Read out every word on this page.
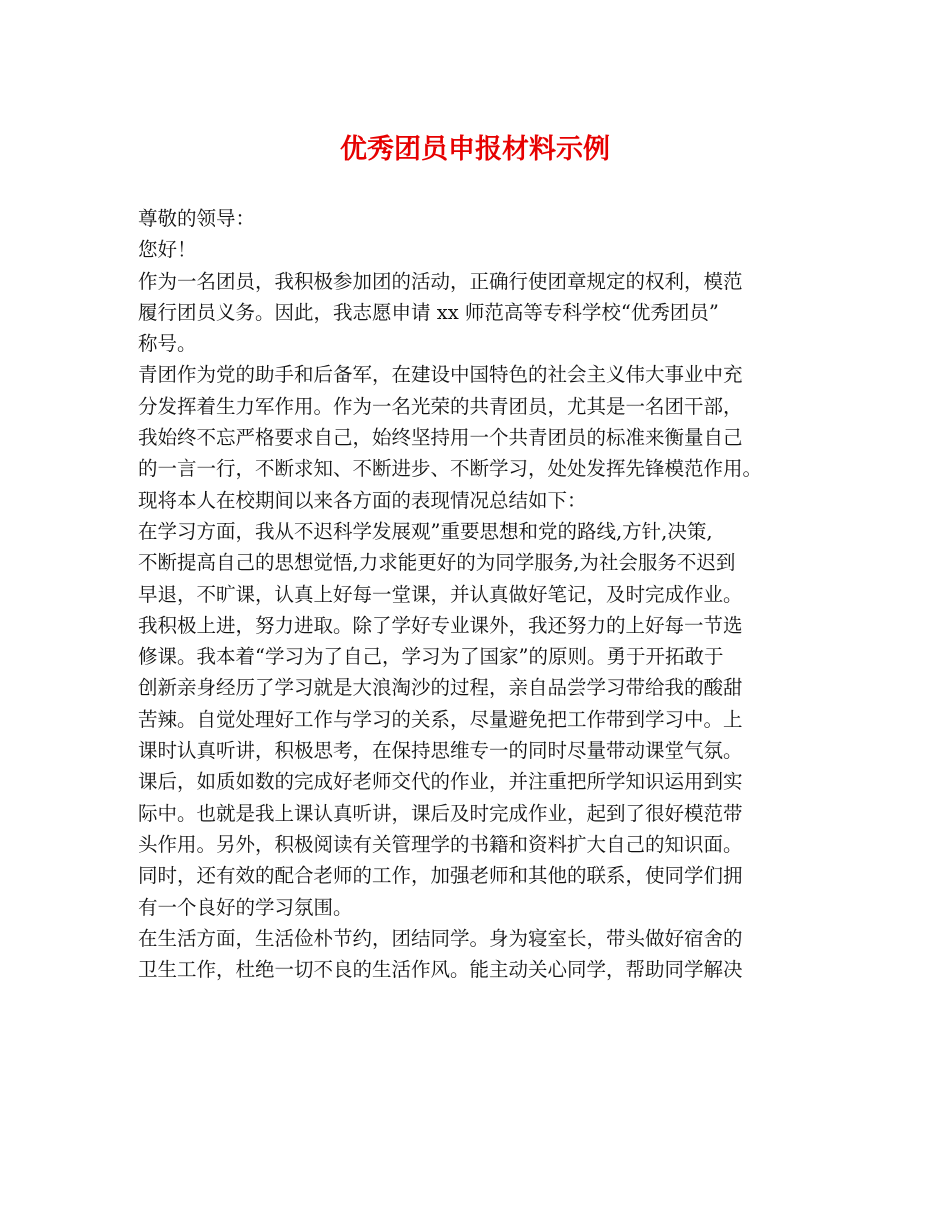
优秀团员申报材料示例
尊敬的领导：
您好！
作为一名团员，我积极参加团的活动，正确行使团章规定的权利，模范
履行团员义务。因此，我志愿申请 xx 师范高等专科学校“优秀团员”
称号。
青团作为党的助手和后备军，在建设中国特色的社会主义伟大事业中充
分发挥着生力军作用。作为一名光荣的共青团员，尤其是一名团干部，
我始终不忘严格要求自己，始终坚持用一个共青团员的标准来衡量自己
的一言一行，不断求知、不断进步、不断学习，处处发挥先锋模范作用。
现将本人在校期间以来各方面的表现情况总结如下：
在学习方面，我从不迟科学发展观”重要思想和党的路线,方针,决策,
不断提高自己的思想觉悟,力求能更好的为同学服务,为社会服务不迟到
早退，不旷课，认真上好每一堂课，并认真做好笔记，及时完成作业。
我积极上进，努力进取。除了学好专业课外，我还努力的上好每一节选
修课。我本着“学习为了自己，学习为了国家”的原则。勇于开拓敢于
创新亲身经历了学习就是大浪淘沙的过程，亲自品尝学习带给我的酸甜
苦辣。自觉处理好工作与学习的关系，尽量避免把工作带到学习中。上
课时认真听讲，积极思考，在保持思维专一的同时尽量带动课堂气氛。
课后，如质如数的完成好老师交代的作业，并注重把所学知识运用到实
际中。也就是我上课认真听讲，课后及时完成作业，起到了很好模范带
头作用。另外，积极阅读有关管理学的书籍和资料扩大自己的知识面。
同时，还有效的配合老师的工作，加强老师和其他的联系，使同学们拥
有一个良好的学习氛围。
在生活方面，生活俭朴节约，团结同学。身为寝室长，带头做好宿舍的
卫生工作，杜绝一切不良的生活作风。能主动关心同学，帮助同学解决
